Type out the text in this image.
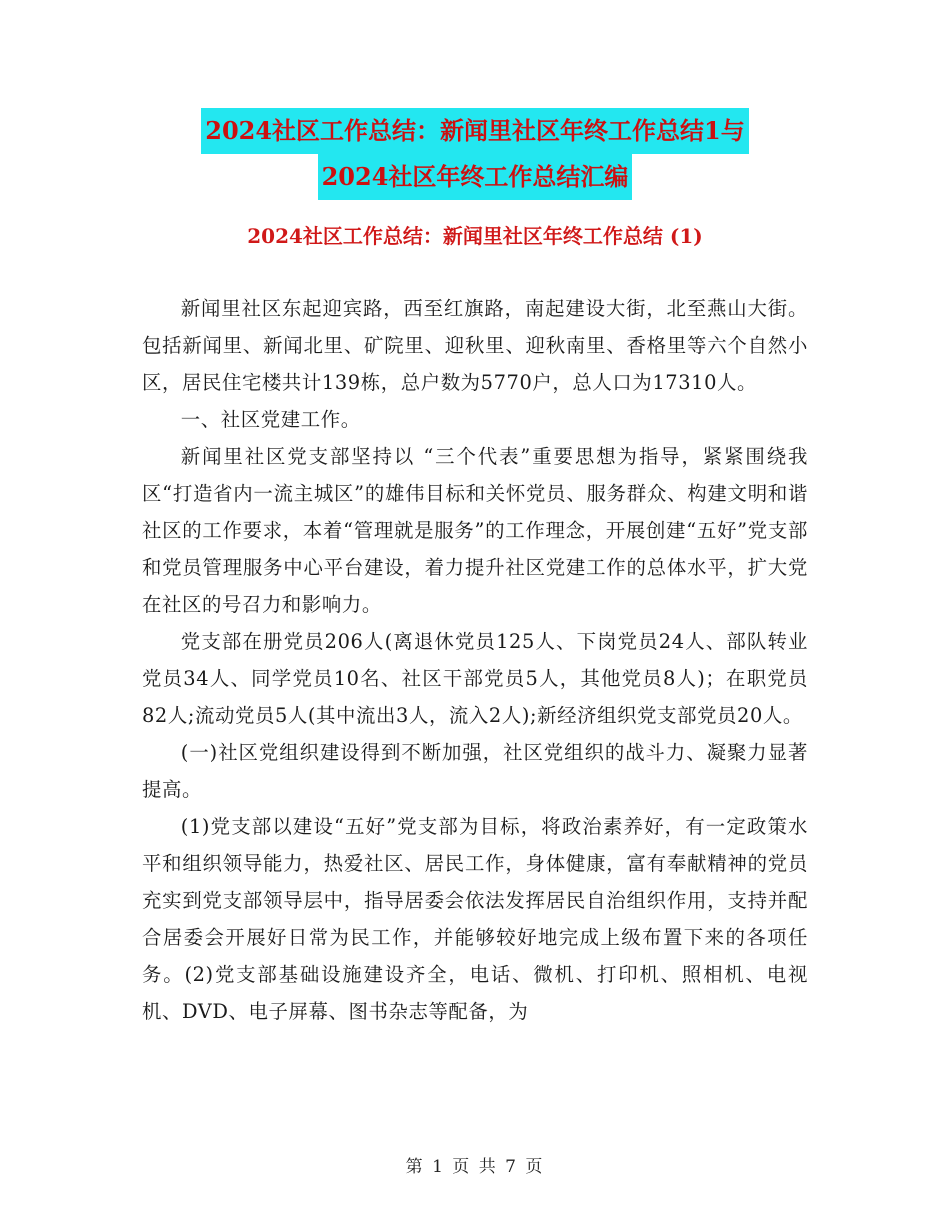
2024社区工作总结：新闻里社区年终工作总结1与
2024社区年终工作总结汇编
2024社区工作总结：新闻里社区年终工作总结 (1)

新闻里社区东起迎宾路，西至红旗路，南起建设大街，北至燕山大街。包括新闻里、新闻北里、矿院里、迎秋里、迎秋南里、香格里等六个自然小区，居民住宅楼共计139栋，总户数为5770户，总人口为17310人。

一、社区党建工作。

新闻里社区党支部坚持以 “三个代表”重要思想为指导，紧紧围绕我区“打造省内一流主城区”的雄伟目标和关怀党员、服务群众、构建文明和谐社区的工作要求，本着“管理就是服务”的工作理念，开展创建“五好”党支部和党员管理服务中心平台建设，着力提升社区党建工作的总体水平，扩大党在社区的号召力和影响力。

党支部在册党员206人(离退休党员125人、下岗党员24人、部队转业党员34人、同学党员10名、社区干部党员5人，其他党员8人)；在职党员82人;流动党员5人(其中流出3人，流入2人);新经济组织党支部党员20人。

(一)社区党组织建设得到不断加强，社区党组织的战斗力、凝聚力显著提高。

(1)党支部以建设“五好”党支部为目标，将政治素养好，有一定政策水平和组织领导能力，热爱社区、居民工作，身体健康，富有奉献精神的党员充实到党支部领导层中，指导居委会依法发挥居民自治组织作用，支持并配合居委会开展好日常为民工作，并能够较好地完成上级布置下来的各项任务。(2)党支部基础设施建设齐全，电话、微机、打印机、照相机、电视机、DVD、电子屏幕、图书杂志等配备，为

第 1 页 共 7 页
